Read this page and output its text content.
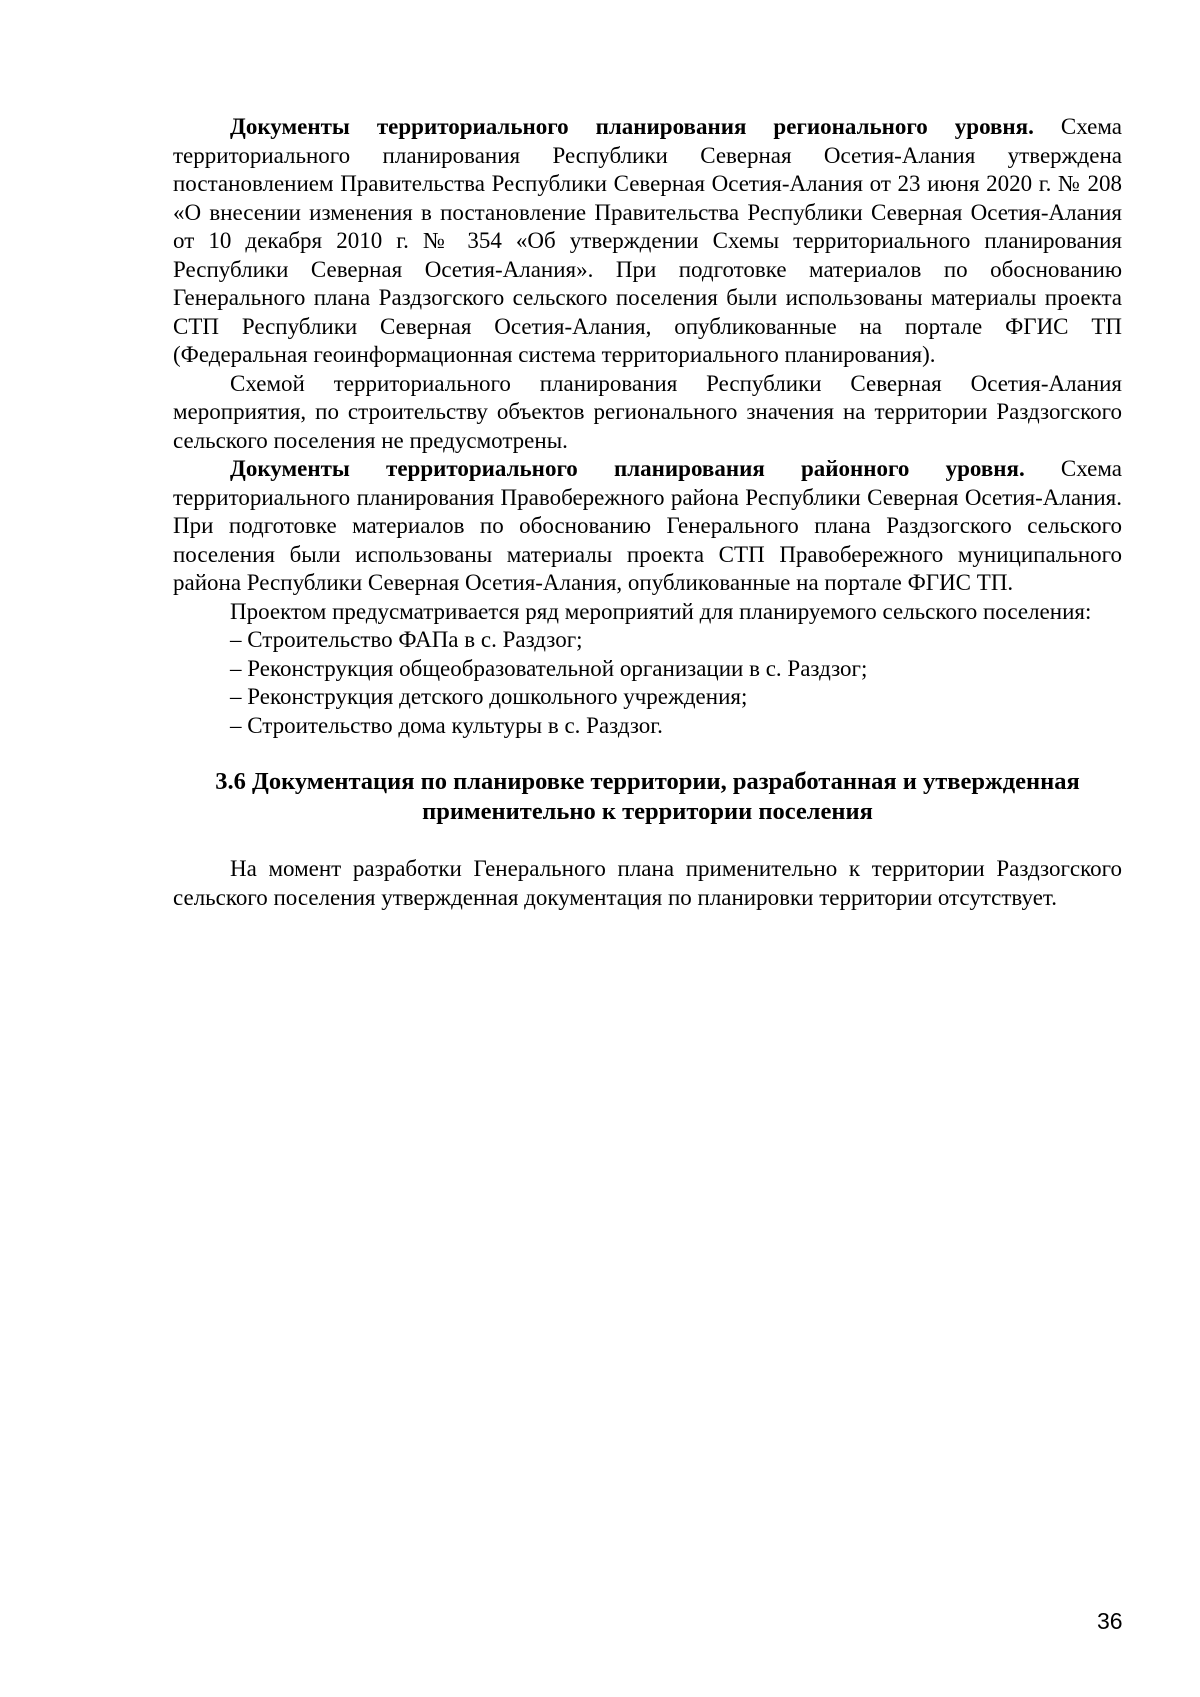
Документы территориального планирования регионального уровня. Схема территориального планирования Республики Северная Осетия-Алания утверждена постановлением Правительства Республики Северная Осетия-Алания от 23 июня 2020 г. № 208 «О внесении изменения в постановление Правительства Республики Северная Осетия-Алания от 10 декабря 2010 г. № 354 «Об утверждении Схемы территориального планирования Республики Северная Осетия-Алания». При подготовке материалов по обоснованию Генерального плана Раздзогского сельского поселения были использованы материалы проекта СТП Республики Северная Осетия-Алания, опубликованные на портале ФГИС ТП (Федеральная геоинформационная система территориального планирования).

Схемой территориального планирования Республики Северная Осетия-Алания мероприятия, по строительству объектов регионального значения на территории Раздзогского сельского поселения не предусмотрены.

Документы территориального планирования районного уровня. Схема территориального планирования Правобережного района Республики Северная Осетия-Алания. При подготовке материалов по обоснованию Генерального плана Раздзогского сельского поселения были использованы материалы проекта СТП Правобережного муниципального района Республики Северная Осетия-Алания, опубликованные на портале ФГИС ТП.

Проектом предусматривается ряд мероприятий для планируемого сельского поселения:

– Строительство ФАПа в с. Раздзог;
– Реконструкция общеобразовательной организации в с. Раздзог;
– Реконструкция детского дошкольного учреждения;
– Строительство дома культуры в с. Раздзог.
3.6 Документация по планировке территории, разработанная и утвержденная
применительно к территории поселения

На момент разработки Генерального плана применительно к территории Раздзогского сельского поселения утвержденная документация по планировки территории отсутствует.

36
